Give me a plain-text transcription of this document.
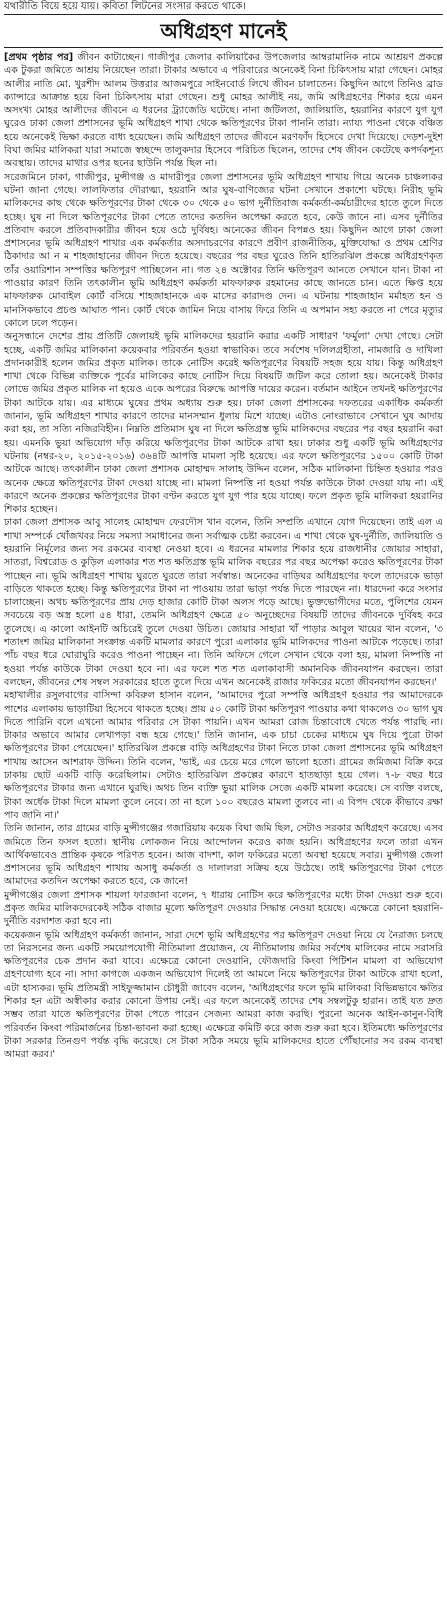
যথারীতি বিয়ে হয়ে যায়। কবিতা লিটনের সংসার করতে থাকে।
অধিগ্রহণ মানেই

[প্রথম পৃষ্ঠার পর] জীবন কাটাচ্ছেন। গাজীপুর জেলার কালিয়াকৈর উপজেলার আম্বরামানিক নামে আশ্রয়ণ প্রকল্পে এক টুকরা জমিতে আশ্রয় নিয়েছেন তারা। টাকার অভাবে এ পরিবারের অনেকেই বিনা চিকিৎসায় মারা গেছেন। মোহর আলীর নাতি মো. খুরশীদ আলম উত্তরার আজমপুরে সাইনবোর্ড লিখে জীবন চালাতেন। কিছুদিন আগে তিনিও ব্রাড ক্যান্সারে আক্রান্ত হয়ে বিনা চিকিৎসায় মারা গেছেন। শুধু মোহর আলীই নয়, জমি অধিগ্রহণের শিকার হয়ে এমন অসংখ্য মোহর আলীদের জীবনে এ ধরনের ট্র্যাজেডি ঘটেছে। নানা জটিলতা, জালিয়াতি, হয়রানির কারণে যুগ যুগ ঘুরেও ঢাকা জেলা প্রশাসনের ভূমি অধিগ্রহণ শাখা থেকে ক্ষতিপূরণের টাকা পাননি তারা। ন্যায্য পাওনা থেকে বঞ্চিত হয়ে অনেকেই ভিক্ষা করতে বাধ্য হয়েছেন। জমি অধিগ্রহণ তাদের জীবনে মরণফাঁদ হিসেবে দেখা দিয়েছে। দেড়শ-দুইশ বিঘা জমির মালিকরা যারা সমাজে স্বচ্ছন্দে তালুকদার হিসেবে পরিচিত ছিলেন, তাদের শেষ জীবন কেটেছে কপর্দকশূন্য অবস্থায়। তাদের মাথার ওপর ছনের ছাউনি পর্যন্ত ছিল না।

সরেজমিনে ঢাকা, গাজীপুর, মুন্সীগঞ্জ ও মাদারীপুর জেলা প্রশাসনের ভূমি অধিগ্রহণ শাখায় গিয়ে অনেক চাঞ্চল্যকর ঘটনা জানা গেছে। লালফিতার দৌরাত্ম্য, হয়রানি আর ঘুষ-বাণিজ্যের ঘটনা সেখানে প্রকাশ্যে ঘটছে। নিরীহ ভূমি মালিকদের কাছ থেকে ক্ষতিপূরণের টাকা থেকে ৩০ থেকে ৫০ ভাগ দুর্নীতিবাজ কর্মকর্তা-কর্মচারীদের হাতে তুলে দিতে হচ্ছে। ঘুষ না দিলে ক্ষতিপূরণের টাকা পেতে তাদের কতদিন অপেক্ষা করতে হবে, কেউ জানে না। এসব দুর্নীতির প্রতিবাদ করলে প্রতিবাদকারীর জীবন হয়ে ওঠে দুর্বিষহ। অনেকের জীবন বিপন্নও হয়। কিছুদিন আগে ঢাকা জেলা প্রশাসনের ভূমি অধিগ্রহণ শাখার এক কর্মকর্তার অসদাচরণের কারণে প্রবীণ রাজনীতিক, মুক্তিযোদ্ধা ও প্রথম শ্রেণির ঠিকাদার আ ন ম শাহজাহানের জীবন দিতে হয়েছে। বছরের পর বছর ঘুরেও তিনি হাতিরঝিল প্রকল্পে অধিগ্রহণকৃত তাঁর ওয়ারিশান সম্পত্তির ক্ষতিপূরণ পাচ্ছিলেন না। গত ২৪ অক্টোবর তিনি ক্ষতিপূরণ আনতে সেখানে যান। টাকা না পাওয়ার কারণ তিনি তৎকালীন ভূমি অধিগ্রহণ কর্মকর্তা মাফফারুক রহমানের কাছে জানতে চান। এতে ক্ষিপ্ত হয়ে মাফফারুক মোবাইল কোর্ট বসিয়ে শাহজাহানকে এক মাসের কারাদণ্ড দেন। এ ঘটনায় শাহজাহান মর্মাহত হন ও মানসিকভাবে প্রচণ্ড আঘাত পান। কোর্ট থেকে জামিন নিয়ে বাসায় ফিরে তিনি এ অপমান সহ্য করতে না পেরে মৃত্যুর কোলে ঢলে পড়েন।

অনুসন্ধানে দেশের প্রায় প্রতিটি জেলায়ই ভূমি মালিকদের হয়রানি করার একটি সাধারণ 'ফর্মুলা' দেখা গেছে। সেটা হচ্ছে, একটি জমির মালিকানা কয়েকবার পরিবর্তন হওয়া স্বাভাবিক। তবে সর্বশেষ দলিলগ্রহীতা, নামজারি ও দাখিলা প্রদানকারীই হলেন জমির প্রকৃত মালিক। তাকে নোটিস করেই ক্ষতিপূরণের বিষয়টি সহজ হয়ে যায়। কিন্তু অধিগ্রহণ শাখা থেকে বিভিন্ন ব্যক্তিকে পূর্বের মালিকের কাছে নোটিস দিয়ে বিষয়টি জটিল করে তোলা হয়। অনেকেই টাকার লোভে জমির প্রকৃত মালিক না হয়েও একে অপরের বিরুদ্ধে আপত্তি দায়ের করেন। বর্তমান আইনে তখনই ক্ষতিপূরণের টাকা আটকে যায়। এর মাধ্যমে ঘুষের প্রথম অধ্যায় শুরু হয়। ঢাকা জেলা প্রশাসকের দফতরের একাধিক কর্মকর্তা জানান, ভূমি অধিগ্রহণ শাখার কারণে তাদের মানসম্মান ধুলায় মিশে যাচ্ছে। এটাও নোংরাভাবে সেখানে ঘুষ আদায় করা হয়, তা সত্যি নজিরবিহীন। নিম্নতি প্রতিমাস ঘুষ না দিলে ক্ষতিগ্রস্ত ভূমি মালিকদের বছরের পর বছর হয়রানি করা হয়। এমনকি ভুয়া অভিযোগ দাঁড় করিয়ে ক্ষতিপূরণের টাকা আটকে রাখা হয়। ঢাকার শুধু একটি ভূমি অধিগ্রহণের ঘটনায় (নম্বর-২০, ২০১৫-২০১৬) ৩৬৪টি আপত্তি মামলা সৃষ্টি হয়েছে। এর ফলে ক্ষতিপূরণের ১৫০০ কোটি টাকা আটকে আছে। তৎকালীন ঢাকা জেলা প্রশাসক মোহাম্মদ সালাহ উদ্দিন বলেন, সঠিক মালিকানা চিহ্নিত হওয়ার পরও অনেক ক্ষেত্রে ক্ষতিপূরণের টাকা দেওয়া যাচ্ছে না। মামলা নিষ্পত্তি না হওয়া পর্যন্ত কাউকে টাকা দেওয়া যায় না। এই কারণে অনেক প্রকল্পের ক্ষতিপূরণের টাকা বণ্টন করতে যুগ যুগ পার হয়ে যাচ্ছে। ফলে প্রকৃত ভূমি মালিকরা হয়রানির শিকার হচ্ছেন।

ঢাকা জেলা প্রশাসক আবু সালেহ মোহাম্মদ ফেরদৌস খান বলেন, তিনি সম্প্রতি এখানে যোগ দিয়েছেন। তাই এল এ শাখা সম্পর্কে খোঁজখবর নিয়ে সমস্যা সমাধানের জন্য সর্বাত্মক চেষ্টা করবেন। এ শাখা থেকে ঘুষ-দুর্নীতি, জালিয়াতি ও হয়রানি নির্মূলের জন্য সব রকমের ব্যবস্থা নেওয়া হবে। এ ধরনের মামলার শিকার হয়ে রাজধানীর জোয়ার সাহারা, সাতরা, বিশ্বরোড ও কুড়িল এলাকার শত শত ক্ষতিগ্রস্ত ভূমি মালিক বছরের পর বছর অপেক্ষা করেও ক্ষতিপূরণের টাকা পাচ্ছেন না। ভূমি অধিগ্রহণ শাখায় ঘুরতে ঘুরতে তারা সর্বস্বান্ত। অনেকের বাড়িঘর অধিগ্রহণের ফলে তাদেরকে ভাড়া বাড়িতে থাকতে হচ্ছে। কিন্তু ক্ষতিপূরণের টাকা না পাওয়ায় তারা ভাড়া পর্যন্ত দিতে পারছেন না। ধারদেনা করে সংসার চালাচ্ছেন। অথচ ক্ষতিপূরণের প্রায় দেড় হাজার কোটি টাকা অলস পড়ে আছে। ভুক্তভোগীদের মতে, পুলিশের যেমন সবচেয়ে বড় অস্ত্র হলো ৫৪ ধারা, তেমনি অধিগ্রহণ ক্ষেত্রে ৫০ অনুচ্ছেদের বিষয়টি তাদের জীবনকে দুর্বিষহ করে তুলেছে। এ কালো আইনটি অচিরেই তুলে দেওয়া উচিত। জোয়ার সাহারা খাঁ পাড়ার আবুল খায়ের খান বলেন, '৩ শতাংশ জমির মালিকানা সংক্রান্ত একটি মামলার কারণে পুরো এলাকার ভূমি মালিকদের পাওনা আটকে পড়েছে। তারা পাঁচ বছর ধরে ঘোরাঘুরি করেও পাওনা পাচ্ছেন না। তিনি অফিসে গেলে সেখান থেকে বলা হয়, মামলা নিষ্পত্তি না হওয়া পর্যন্ত কাউকে টাকা দেওয়া হবে না। এর ফলে শত শত এলাকাবাসী অমানবিক জীবনযাপন করছেন। তারা বলছেন, জীবনের শেষ সম্বল সরকারের হাতে তুলে দিয়ে এখন অনেকেই রাজার ফকিরের মতো জীবনযাপন করছেন।'

মহাখালীর রসুলবাগের বাসিন্দা কবিরুল হাসান বলেন, 'আমাদের পুরো সম্পত্তি অধিগ্রহণ হওয়ার পর আমাদেরকে পাশের এলাকায় ভাড়াটিয়া হিসেবে থাকতে হচ্ছে। প্রায় ৫০ কোটি টাকা ক্ষতিপূরণ পাওয়ার কথা থাকলেও ৩০ ভাগ ঘুষ দিতে পারিনি বলে এখনো আমার পরিবার সে টাকা পায়নি। এখন আমরা রোজ চিন্তাবোধে খেতে পর্যন্ত পারছি না। টাকার অভাবে আমার লেখাপড়া বন্ধ হয়ে গেছে।' তিনি জানান, এক চাচা চেকের মাধ্যমে ঘুষ দিয়ে পুরো টাকা ক্ষতিপূরণের টাকা পেয়েছেন।' হাতিরঝিল প্রকল্পে বাড়ি অধিগ্রহণের টাকা নিতে ঢাকা জেলা প্রশাসনের ভূমি অধিগ্রহণ শাখায় আসেন আশরাফ উদ্দিন। তিনি বলেন, 'ভাই, এর চেয়ে মরে গেলে ভালো হতো। গ্রামের জমিজমা বিক্রি করে ঢাকায় ছোট একটি বাড়ি করেছিলাম। সেটাও হাতিরঝিল প্রকল্পের কারণে হাতছাড়া হয়ে গেল। ৭-৮ বছর ধরে ক্ষতিপূরণের টাকার জন্য এখানে ঘুরছি। অথচ তিন ব্যক্তি ভুয়া মালিক সেজে একটি মামলা করেছে। সে ব্যক্তি বলছে, টাকা অর্ধেক টাকা দিলে মামলা তুলে নেবে। তা না হলে ১০০ বছরেও মামলা তুলবে না। এ বিপদ থেকে কীভাবে রক্ষা পাব জানি না।'

তিনি জানান, তার গ্রামের বাড়ি মুন্সীগঞ্জের গজারিয়ায় কয়েক বিঘা জমি ছিল, সেটাও সরকার অধিগ্রহণ করেছে। এসব জমিতে তিন ফসল হতো। স্থানীয় লোকজন নিয়ে আন্দোলন করেও কাজ হয়নি। অধিগ্রহণের ফলে তারা এখন আর্থিকভাবেও প্রান্তিক কৃষকে পরিণত হবেন। আজ বাদশা, কাল ফকিরের মতো অবস্থা হয়েছে সবার। মুন্সীগঞ্জ জেলা প্রশাসনের ভূমি অধিগ্রহণ শাখায় অসাধু কর্মকর্তা ও দালালরা সক্রিয় হয়ে উঠেছে। তাই ক্ষতিপূরণের টাকা পেতে আমাদের কতদিন অপেক্ষা করতে হবে, কে জানে!

মুন্সীগঞ্জের জেলা প্রশাসক শায়লা ফারজানা বলেন, ৭ ধারায় নোটিস করে ক্ষতিপূরণের মধ্যে টাকা দেওয়া শুরু হবে। প্রকৃত জমির মালিকদেরকেই সঠিক বাজার মূল্যে ক্ষতিপূরণ দেওয়ার সিদ্ধান্ত নেওয়া হয়েছে। এক্ষেত্রে কোনো হয়রানি-দুর্নীতি বরদাশত করা হবে না।

কয়েকজন ভূমি অধিগ্রহণ কর্মকর্তা জানান, সারা দেশে ভূমি অধিগ্রহণের পর ক্ষতিপূরণ দেওয়া নিয়ে যে নৈরাজ্য চলছে তা নিরসনের জন্য একটি সময়োপযোগী নীতিমালা প্রয়োজন, যে নীতিমালায় জমির সর্বশেষ মালিকের নামে সরাসরি ক্ষতিপূরণের চেক প্রদান করা যাবে। এক্ষেত্রে কোনো দেওয়ানি, ফৌজদারি কিংবা পিটিশন মামলা বা অভিযোগ গ্রহণযোগ্য হবে না। সাদা কাগজে একজন অভিযোগ দিলেই তা আমলে নিয়ে ক্ষতিপূরণের টাকা আটকে রাখা হলো, এটা হাস্যকর। ভূমি প্রতিমন্ত্রী সাইফুজ্জামান চৌধুরী জাবেদ বলেন, 'অধিগ্রহণের ফলে ভূমি মালিকরা বিভিন্নভাবে ক্ষতির শিকার হন এটা অস্বীকার করার কোনো উপায় নেই। এর ফলে অনেকেই তাদের শেষ সম্বলটুকু হারান। তাই যত দ্রুত সম্ভব তারা যাতে ক্ষতিপূরণের টাকা পেতে পারেন সেজন্য আমরা কাজ করছি। পুরনো অনেক আইন-কানুন-বিধি পরিবর্তন কিংবা পরিমার্জনের চিন্তা-ভাবনা করা হচ্ছে। এক্ষেত্রে কমিটি করে কাজ শুরু করা হবে। ইতিমধ্যে ক্ষতিপূরণের টাকা সরকার তিনগুণ পর্যন্ত বৃদ্ধি করেছে। সে টাকা সঠিক সময়ে ভূমি মালিকদের হাতে পৌঁছানোর সব রকম ব্যবস্থা আমরা করব।'
